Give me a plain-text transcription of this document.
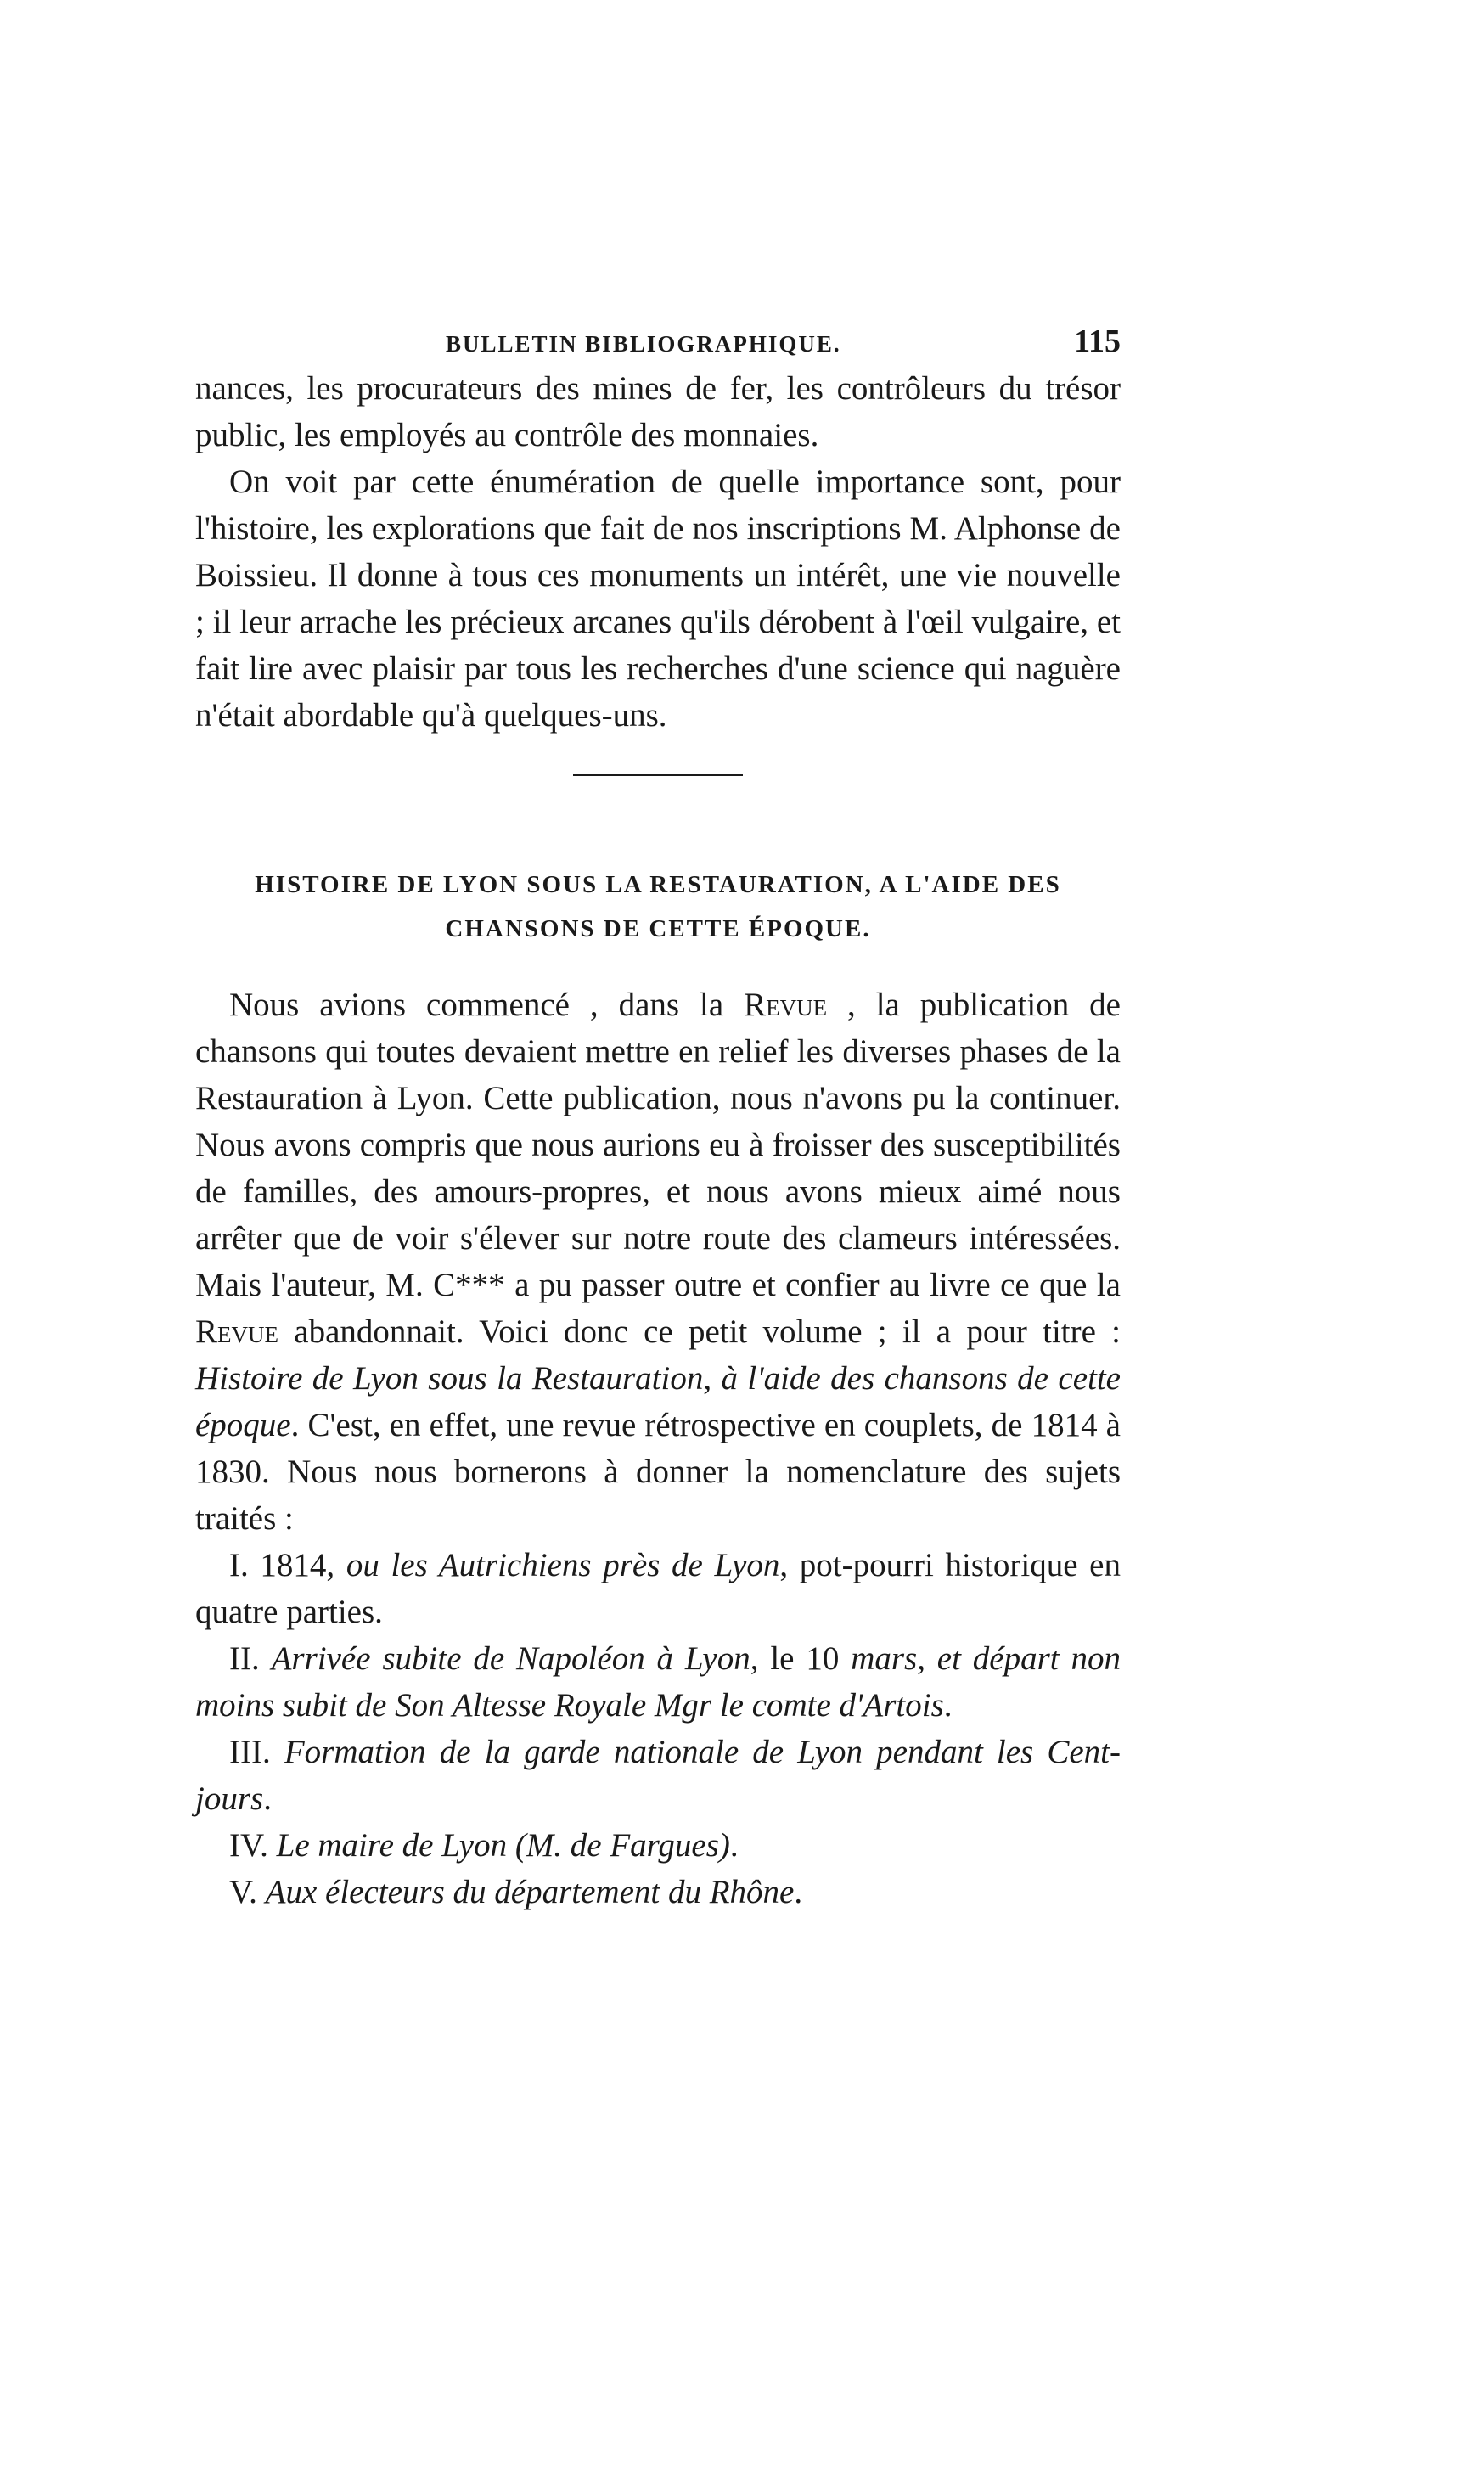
BULLETIN BIBLIOGRAPHIQUE.	115

nances, les procurateurs des mines de fer, les contrôleurs du trésor public, les employés au contrôle des monnaies.

On voit par cette énumération de quelle importance sont, pour l'histoire, les explorations que fait de nos inscriptions M. Alphonse de Boissieu. Il donne à tous ces monuments un intérêt, une vie nouvelle ; il leur arrache les précieux arcanes qu'ils dérobent à l'œil vulgaire, et fait lire avec plaisir par tous les recherches d'une science qui naguère n'était abordable qu'à quelques-uns.

HISTOIRE DE LYON SOUS LA RESTAURATION, A L'AIDE DES
CHANSONS DE CETTE ÉPOQUE.

Nous avions commencé , dans la Revue , la publication de chansons qui toutes devaient mettre en relief les diverses phases de la Restauration à Lyon. Cette publication, nous n'avons pu la continuer. Nous avons compris que nous aurions eu à froisser des susceptibilités de familles, des amours-propres, et nous avons mieux aimé nous arrêter que de voir s'élever sur notre route des clameurs intéressées. Mais l'auteur, M. C*** a pu passer outre et confier au livre ce que la Revue abandonnait. Voici donc ce petit volume ; il a pour titre : Histoire de Lyon sous la Restauration, à l'aide des chansons de cette époque. C'est, en effet, une revue rétrospective en couplets, de 1814 à 1830. Nous nous bornerons à donner la nomenclature des sujets traités :

I. 1814, ou les Autrichiens près de Lyon, pot-pourri historique en quatre parties.

II. Arrivée subite de Napoléon à Lyon, le 10 mars, et départ non moins subit de Son Altesse Royale Mgr le comte d'Artois.

III. Formation de la garde nationale de Lyon pendant les Cent-jours.

IV. Le maire de Lyon (M. de Fargues).

V. Aux électeurs du département du Rhône.
